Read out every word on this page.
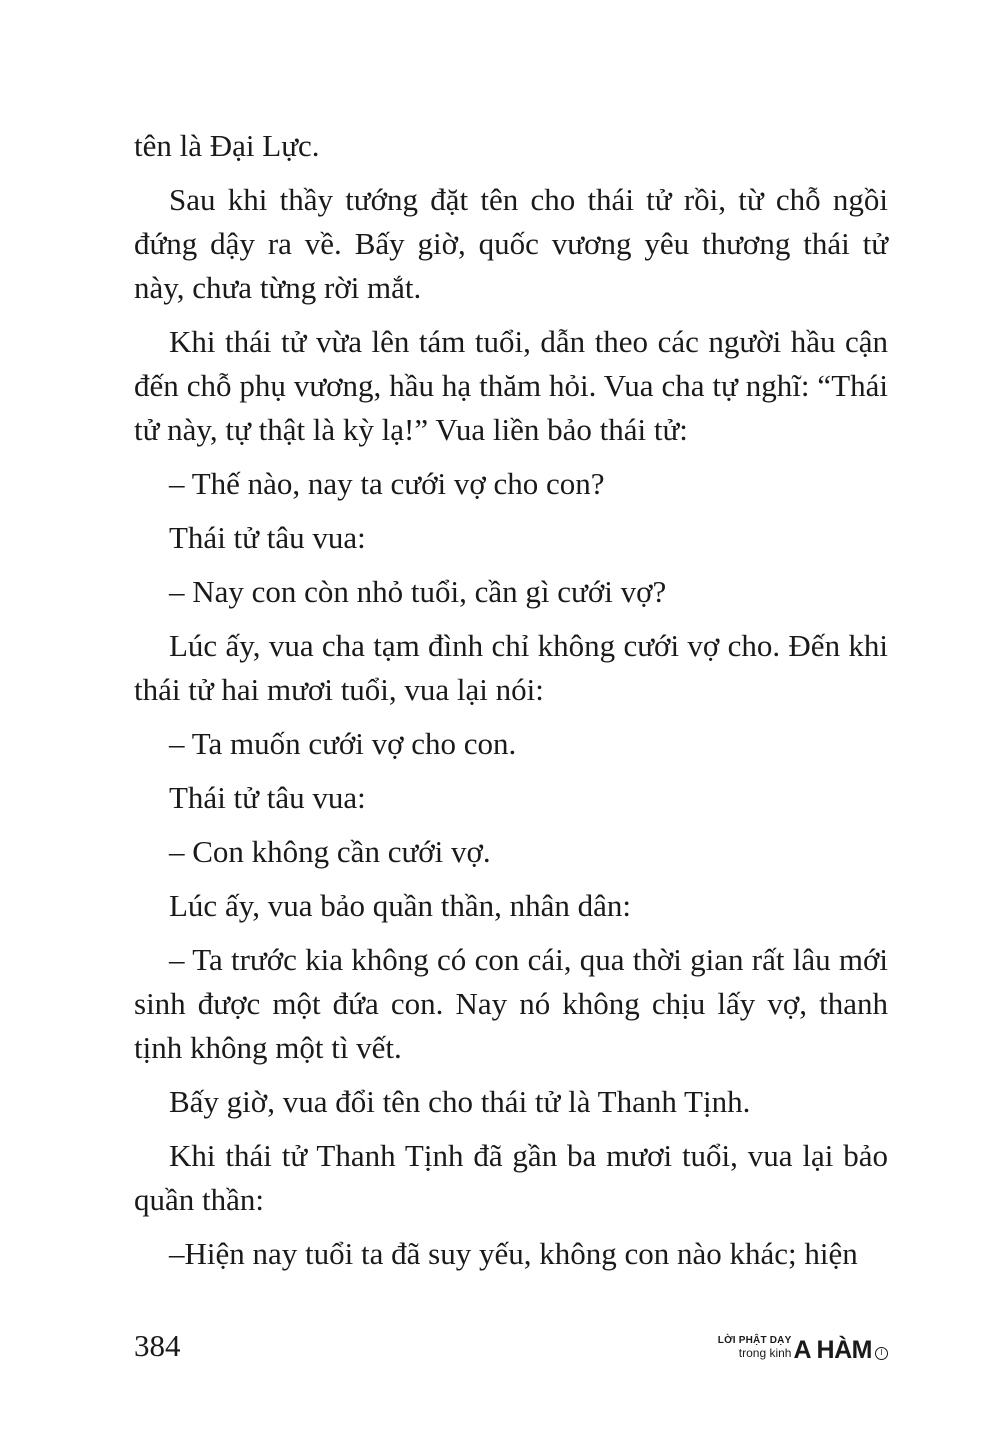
tên là Đại Lực.

Sau khi thầy tướng đặt tên cho thái tử rồi, từ chỗ ngồi đứng dậy ra về. Bấy giờ, quốc vương yêu thương thái tử này, chưa từng rời mắt.

Khi thái tử vừa lên tám tuổi, dẫn theo các người hầu cận đến chỗ phụ vương, hầu hạ thăm hỏi. Vua cha tự nghĩ: “Thái tử này, tự thật là kỳ lạ!” Vua liền bảo thái tử:

– Thế nào, nay ta cưới vợ cho con?

Thái tử tâu vua:

– Nay con còn nhỏ tuổi, cần gì cưới vợ?

Lúc ấy, vua cha tạm đình chỉ không cưới vợ cho. Đến khi thái tử hai mươi tuổi, vua lại nói:

– Ta muốn cưới vợ cho con.

Thái tử tâu vua:

– Con không cần cưới vợ.

Lúc ấy, vua bảo quần thần, nhân dân:

– Ta trước kia không có con cái, qua thời gian rất lâu mới sinh được một đứa con. Nay nó không chịu lấy vợ, thanh tịnh không một tì vết.

Bấy giờ, vua đổi tên cho thái tử là Thanh Tịnh.

Khi thái tử Thanh Tịnh đã gần ba mươi tuổi, vua lại bảo quần thần:

–Hiện nay tuổi ta đã suy yếu, không con nào khác; hiện

384	LỜI PHẬT DẠY
trong kinh A HÀM	I
